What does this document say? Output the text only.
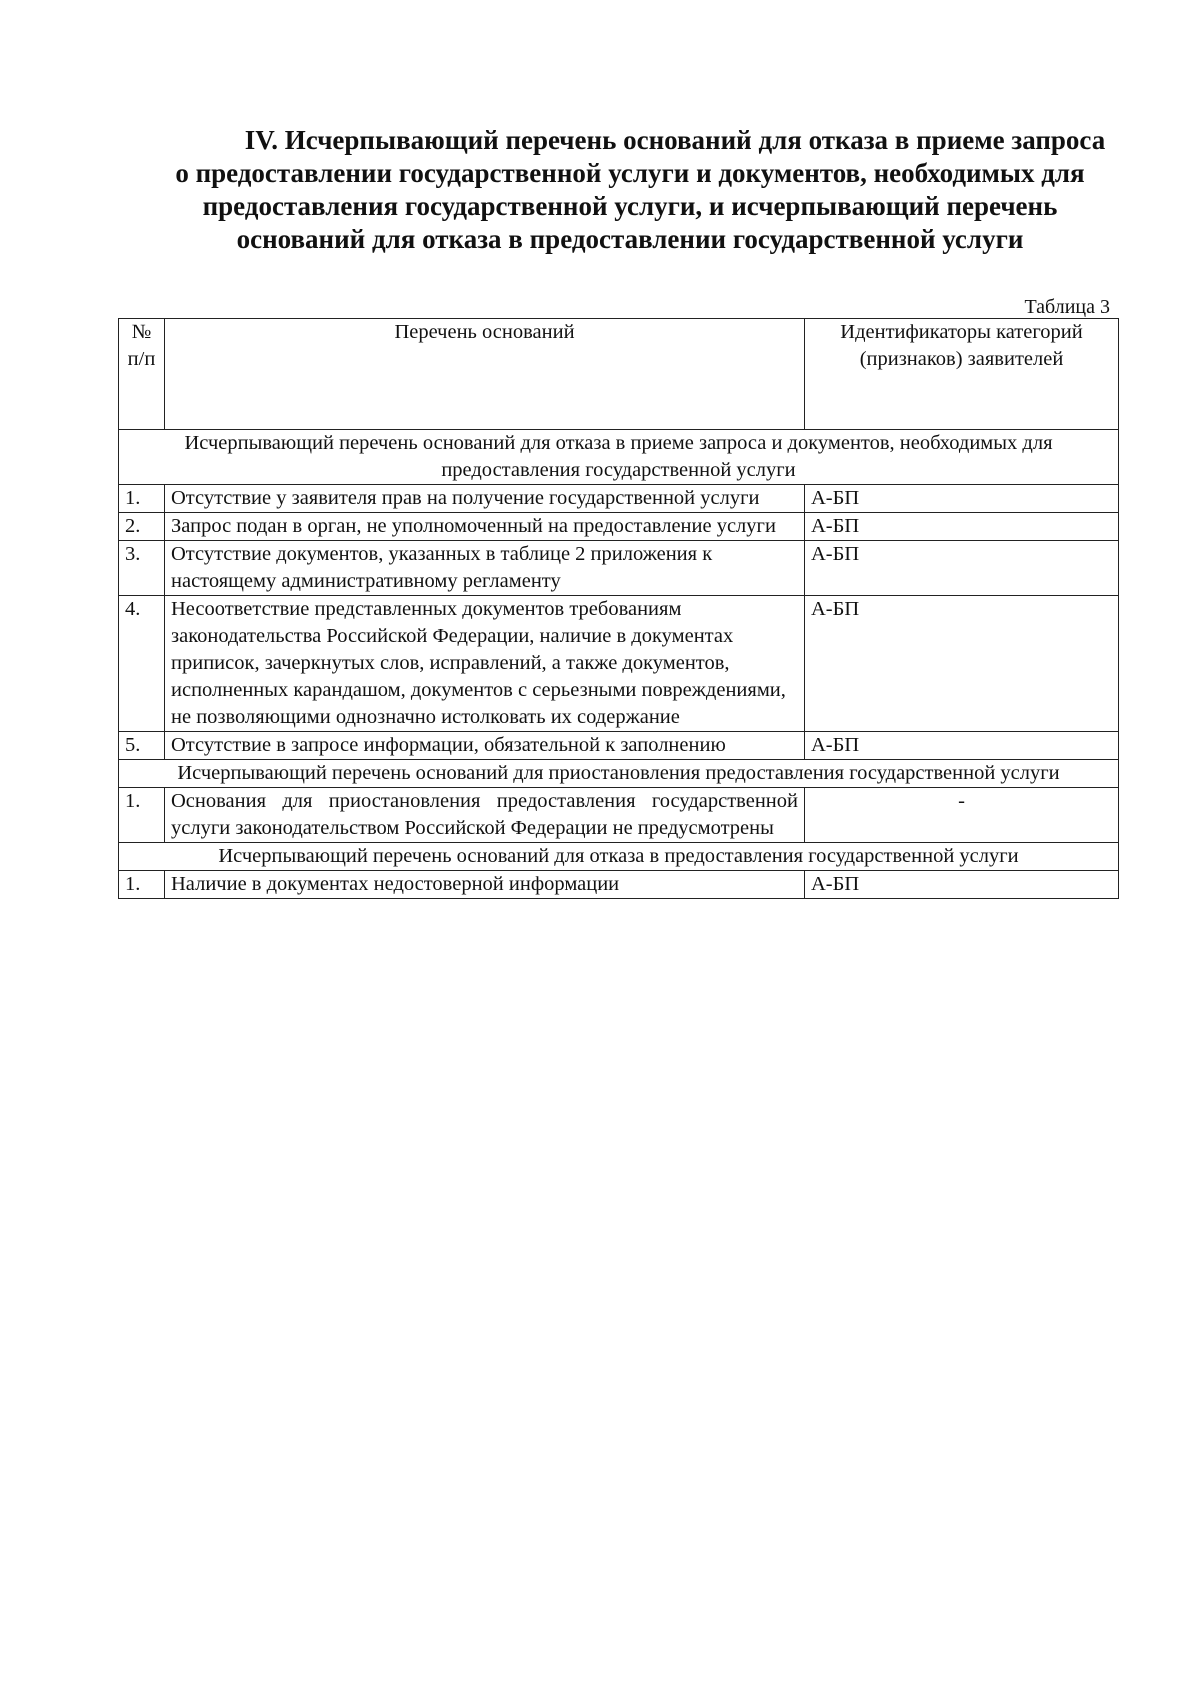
IV. Исчерпывающий перечень оснований для отказа в приеме запроса
о предоставлении государственной услуги и документов, необходимых для
предоставления государственной услуги, и исчерпывающий перечень
оснований для отказа в предоставлении государственной услуги
Таблица 3
№ п/п	Перечень оснований	Идентификаторы категорий (признаков) заявителей
Исчерпывающий перечень оснований для отказа в приеме запроса и документов, необходимых для предоставления государственной услуги		
1.	Отсутствие у заявителя прав на получение государственной услуги	А-БП
2.	Запрос подан в орган, не уполномоченный на предоставление услуги	А-БП
3.	Отсутствие документов, указанных в таблице 2 приложения к настоящему административному регламенту	А-БП
4.	Несоответствие представленных документов требованиям законодательства Российской Федерации, наличие в документах приписок, зачеркнутых слов, исправлений, а также документов, исполненных карандашом, документов с серьезными повреждениями, не позволяющими однозначно истолковать их содержание	А-БП
5.	Отсутствие в запросе информации, обязательной к заполнению	А-БП
Исчерпывающий перечень оснований для приостановления предоставления государственной услуги		
1.	Основания для приостановления предоставления государственной услуги законодательством Российской Федерации не предусмотрены	-
Исчерпывающий перечень оснований для отказа в предоставления государственной услуги		
1.	Наличие в документах недостоверной информации	А-БП
